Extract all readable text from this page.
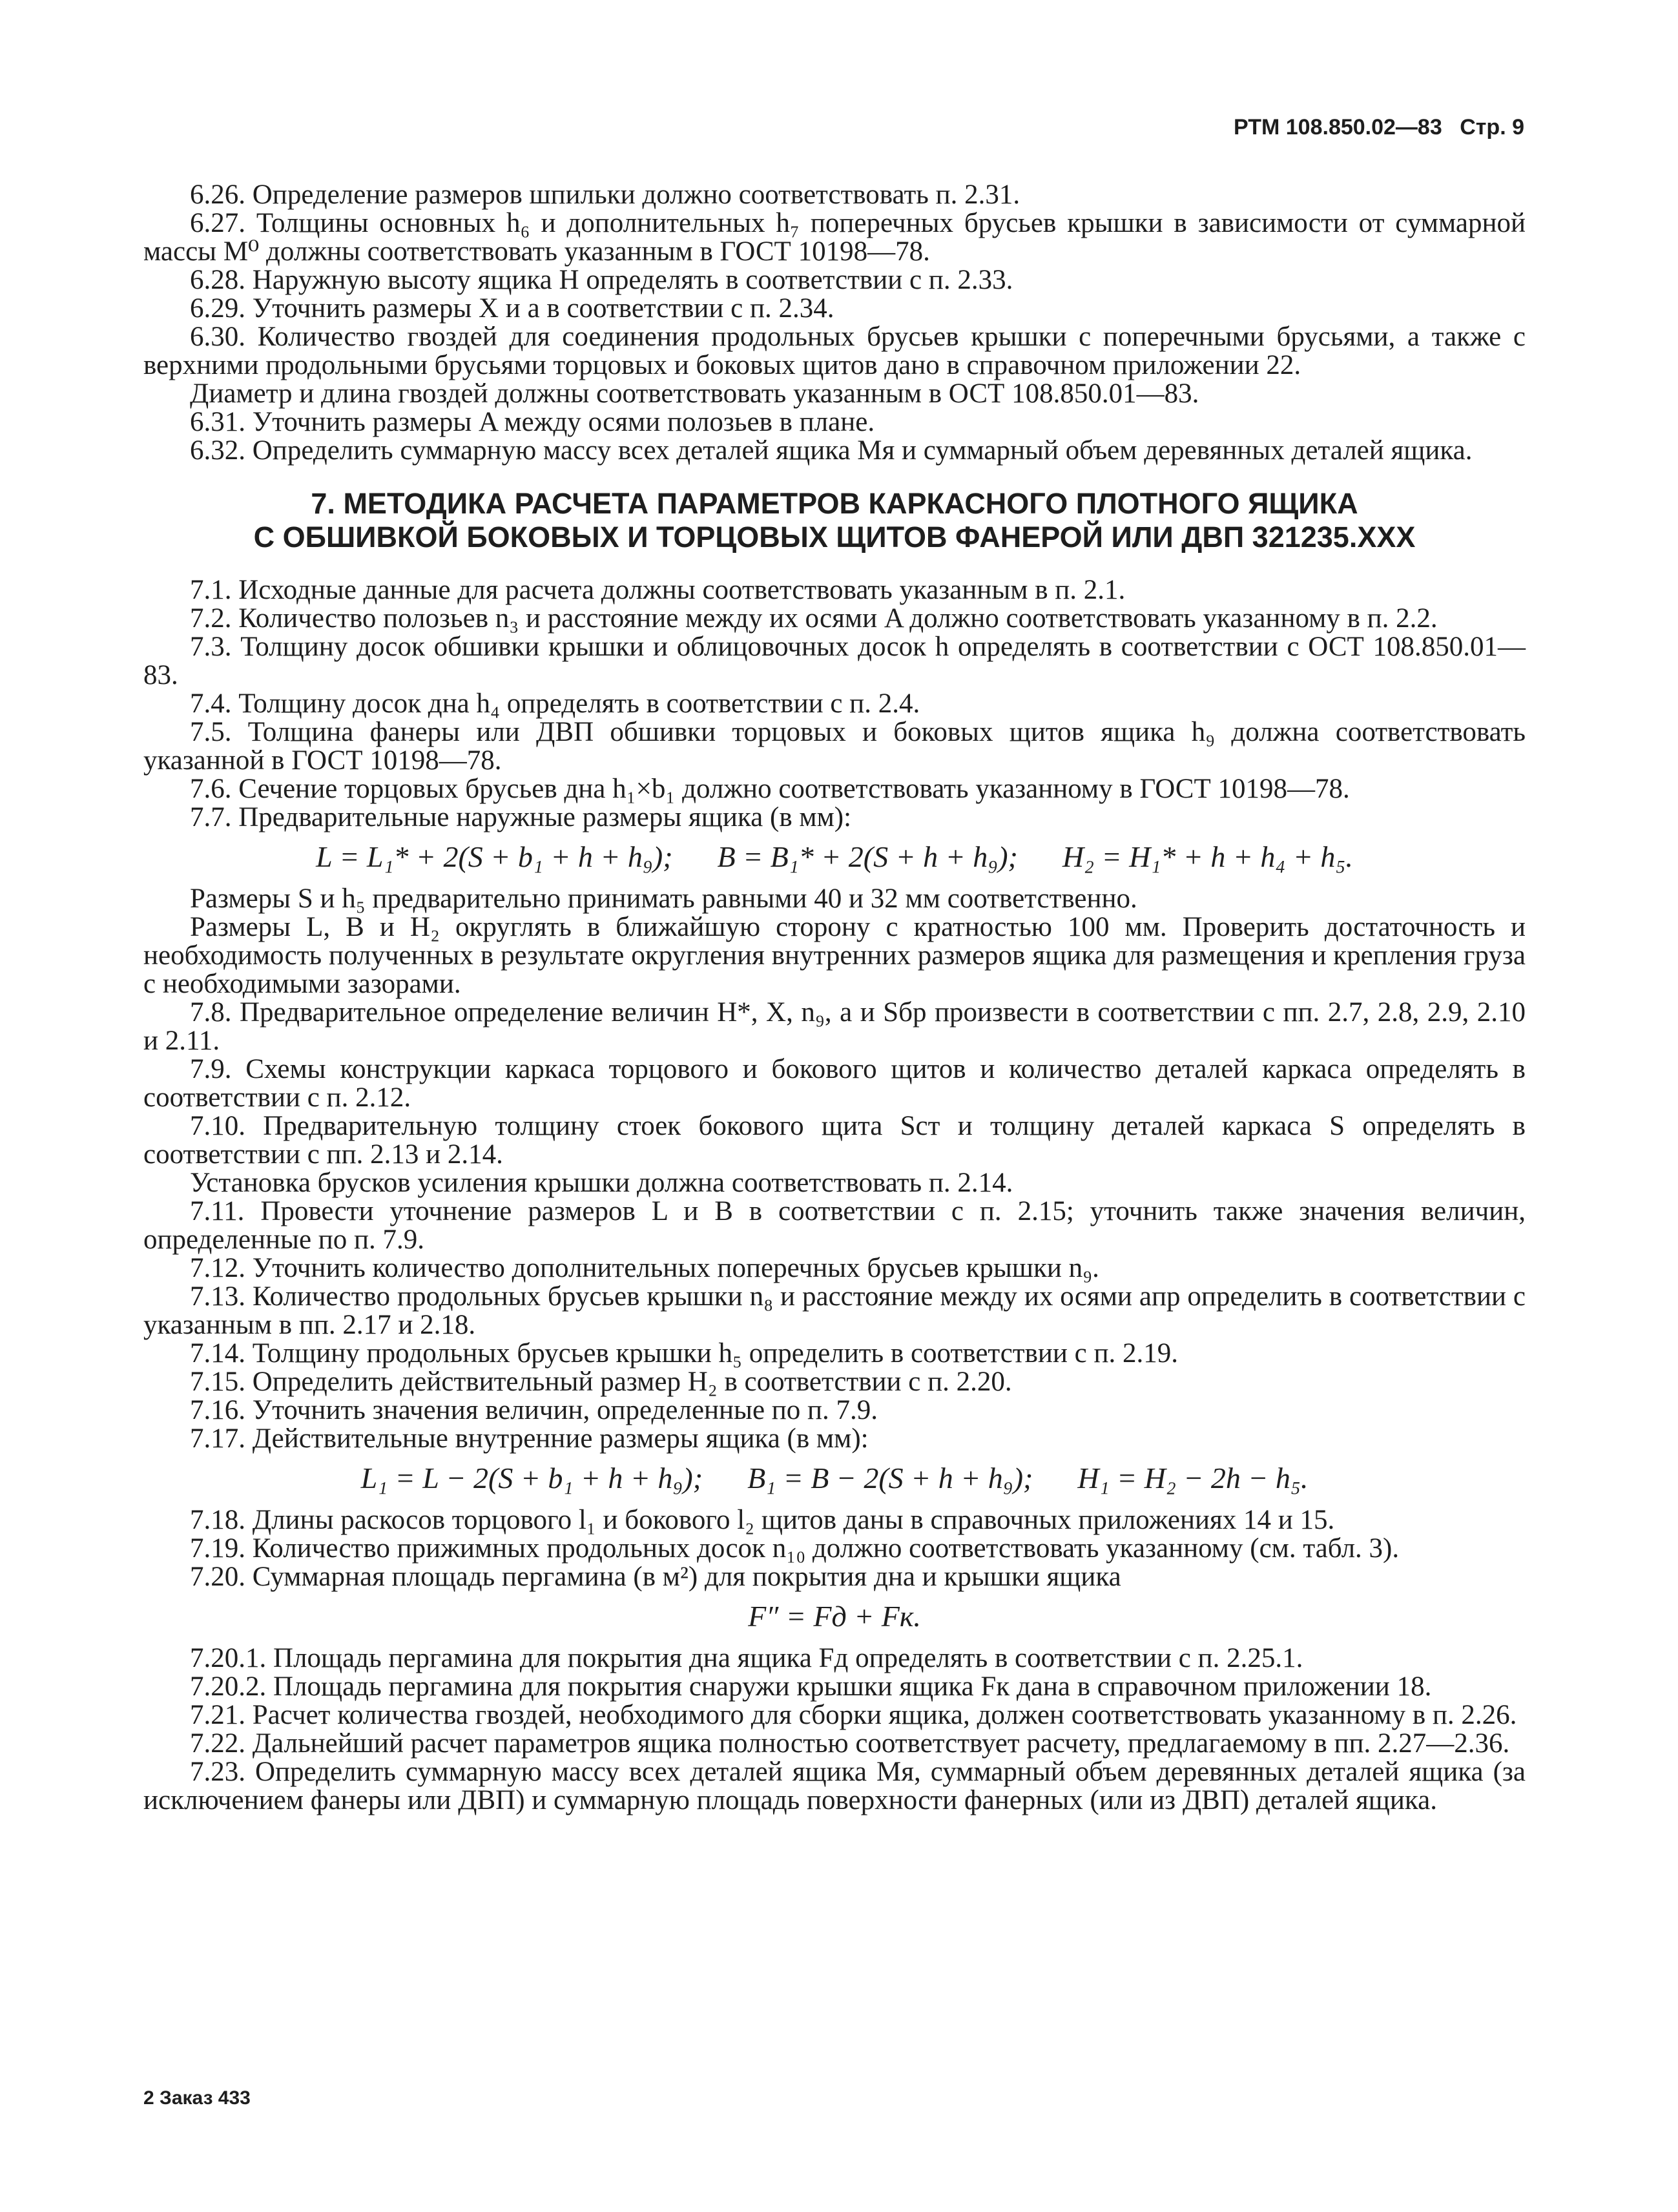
РТМ 108.850.02—83 Стр. 9

6.26. Определение размеров шпильки должно соответствовать п. 2.31.

6.27. Толщины основных h₆ и дополнительных h₇ поперечных брусьев крышки в зависимости от суммарной массы M⁰ должны соответствовать указанным в ГОСТ 10198—78.

6.28. Наружную высоту ящика H определять в соответствии с п. 2.33.

6.29. Уточнить размеры X и a в соответствии с п. 2.34.

6.30. Количество гвоздей для соединения продольных брусьев крышки с поперечными брусьями, а также с верхними продольными брусьями торцовых и боковых щитов дано в справочном приложении 22.

Диаметр и длина гвоздей должны соответствовать указанным в ОСТ 108.850.01—83.

6.31. Уточнить размеры A между осями полозьев в плане.

6.32. Определить суммарную массу всех деталей ящика Mя и суммарный объем деревянных деталей ящика.

7. МЕТОДИКА РАСЧЕТА ПАРАМЕТРОВ КАРКАСНОГО ПЛОТНОГО ЯЩИКА
С ОБШИВКОЙ БОКОВЫХ И ТОРЦОВЫХ ЩИТОВ ФАНЕРОЙ ИЛИ ДВП 321235.ХХХ

7.1. Исходные данные для расчета должны соответствовать указанным в п. 2.1.

7.2. Количество полозьев n₃ и расстояние между их осями A должно соответствовать указанному в п. 2.2.

7.3. Толщину досок обшивки крышки и облицовочных досок h определять в соответствии с ОСТ 108.850.01—83.

7.4. Толщину досок дна h₄ определять в соответствии с п. 2.4.

7.5. Толщина фанеры или ДВП обшивки торцовых и боковых щитов ящика h₉ должна соответствовать указанной в ГОСТ 10198—78.

7.6. Сечение торцовых брусьев дна h₁×b₁ должно соответствовать указанному в ГОСТ 10198—78.

7.7. Предварительные наружные размеры ящика (в мм):

L = L₁* + 2(S + b₁ + h + h₉);      B = B₁* + 2(S + h + h₉);      H₂ = H₁* + h + h₄ + h₅.

Размеры S и h₅ предварительно принимать равными 40 и 32 мм соответственно.

Размеры L, B и H₂ округлять в ближайшую сторону с кратностью 100 мм. Проверить достаточность и необходимость полученных в результате округления внутренних размеров ящика для размещения и крепления груза с необходимыми зазорами.

7.8. Предварительное определение величин H*, X, n₉, a и Sбр произвести в соответствии с пп. 2.7, 2.8, 2.9, 2.10 и 2.11.

7.9. Схемы конструкции каркаса торцового и бокового щитов и количество деталей каркаса определять в соответствии с п. 2.12.

7.10. Предварительную толщину стоек бокового щита Sст и толщину деталей каркаса S определять в соответствии с пп. 2.13 и 2.14.

Установка брусков усиления крышки должна соответствовать п. 2.14.

7.11. Провести уточнение размеров L и B в соответствии с п. 2.15; уточнить также значения величин, определенные по п. 7.9.

7.12. Уточнить количество дополнительных поперечных брусьев крышки n₉.

7.13. Количество продольных брусьев крышки n₈ и расстояние между их осями aпр определить в соответствии с указанным в пп. 2.17 и 2.18.

7.14. Толщину продольных брусьев крышки h₅ определить в соответствии с п. 2.19.

7.15. Определить действительный размер H₂ в соответствии с п. 2.20.

7.16. Уточнить значения величин, определенные по п. 7.9.

7.17. Действительные внутренние размеры ящика (в мм):

L₁ = L − 2(S + b₁ + h + h₉);      B₁ = B − 2(S + h + h₉);      H₁ = H₂ − 2h − h₅.

7.18. Длины раскосов торцового l₁ и бокового l₂ щитов даны в справочных приложениях 14 и 15.

7.19. Количество прижимных продольных досок n₁₀ должно соответствовать указанному (см. табл. 3).

7.20. Суммарная площадь пергамина (в м²) для покрытия дна и крышки ящика

F″ = Fд + Fк.

7.20.1. Площадь пергамина для покрытия дна ящика Fд определять в соответствии с п. 2.25.1.

7.20.2. Площадь пергамина для покрытия снаружи крышки ящика Fк дана в справочном приложении 18.

7.21. Расчет количества гвоздей, необходимого для сборки ящика, должен соответствовать указанному в п. 2.26.

7.22. Дальнейший расчет параметров ящика полностью соответствует расчету, предлагаемому в пп. 2.27—2.36.

7.23. Определить суммарную массу всех деталей ящика Mя, суммарный объем деревянных деталей ящика (за исключением фанеры или ДВП) и суммарную площадь поверхности фанерных (или из ДВП) деталей ящика.

2 Заказ 433
